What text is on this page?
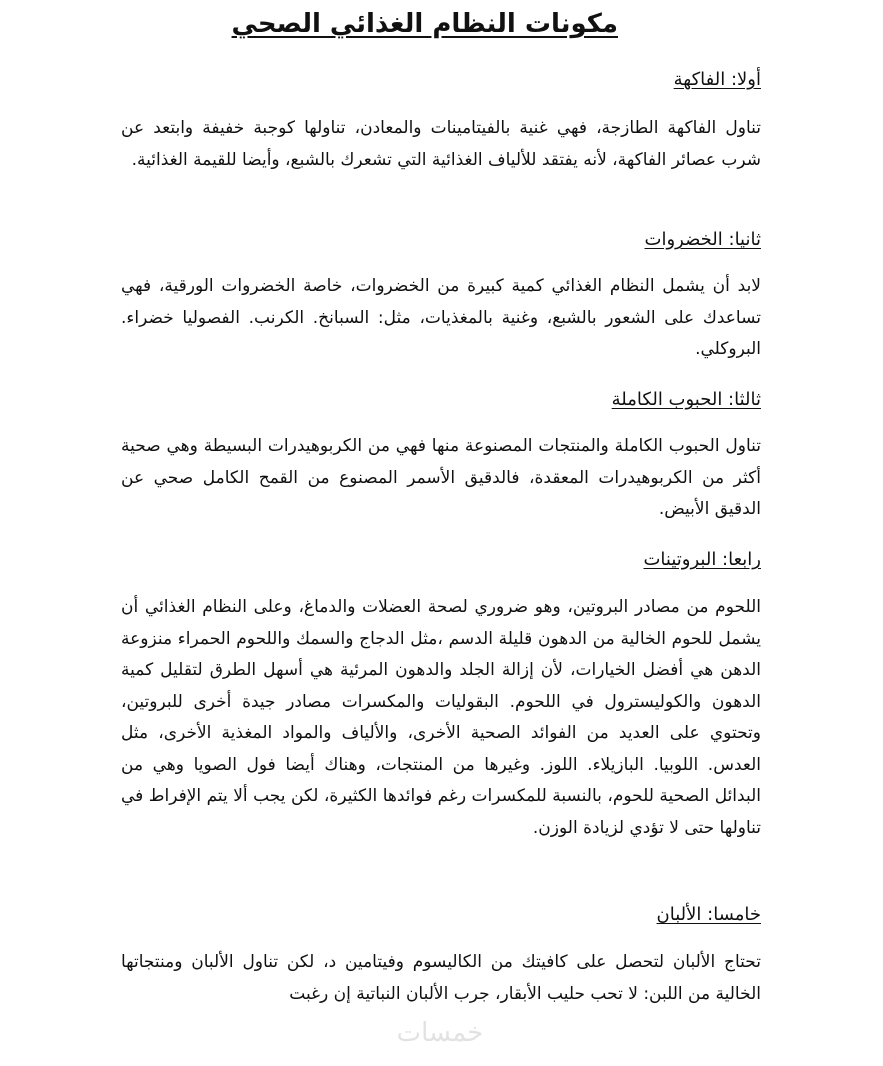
مكونات النظام الغذائي الصحي
أولا: الفاكهة

تناول الفاكهة الطازجة، فهي غنية بالفيتامينات والمعادن، تناولها كوجبة خفيفة وابتعد عن شرب عصائر الفاكهة، لأنه يفتقد للألياف الغذائية التي تشعرك بالشبع، وأيضا للقيمة الغذائية.

ثانيا: الخضروات

لابد أن يشمل النظام الغذائي كمية كبيرة من الخضروات، خاصة الخضروات الورقية، فهي تساعدك على الشعور بالشبع، وغنية بالمغذيات، مثل: السبانخ. الكرنب. الفصوليا خضراء. البروكلي.

ثالثا: الحبوب الكاملة

تناول الحبوب الكاملة والمنتجات المصنوعة منها فهي من الكربوهيدرات البسيطة وهي صحية أكثر من الكربوهيدرات المعقدة، فالدقيق الأسمر المصنوع من القمح الكامل صحي عن الدقيق الأبيض.

رابعا: البروتينات

اللحوم من مصادر البروتين، وهو ضروري لصحة العضلات والدماغ، وعلى النظام الغذائي أن يشمل للحوم الخالية من الدهون قليلة الدسم ،مثل الدجاج والسمك واللحوم الحمراء منزوعة الدهن هي أفضل الخيارات، لأن إزالة الجلد والدهون المرئية هي أسهل الطرق لتقليل كمية الدهون والكوليسترول في اللحوم. البقوليات والمكسرات مصادر جيدة أخرى للبروتين، وتحتوي على العديد من الفوائد الصحية الأخرى، والألياف والمواد المغذية الأخرى، مثل العدس. اللوبيا. البازيلاء. اللوز. وغيرها من المنتجات، وهناك أيضا فول الصويا وهي من البدائل الصحية للحوم، بالنسبة للمكسرات رغم فوائدها الكثيرة، لكن يجب ألا يتم الإفراط في تناولها حتى لا تؤدي لزيادة الوزن.

خامسا: الألبان

تحتاج الألبان لتحصل على كافيتك من الكاليسوم وفيتامين د، لكن تناول الألبان ومنتجاتها الخالية من اللبن: لا تحب حليب الأبقار، جرب الألبان النباتية إن رغبت

خمسات
